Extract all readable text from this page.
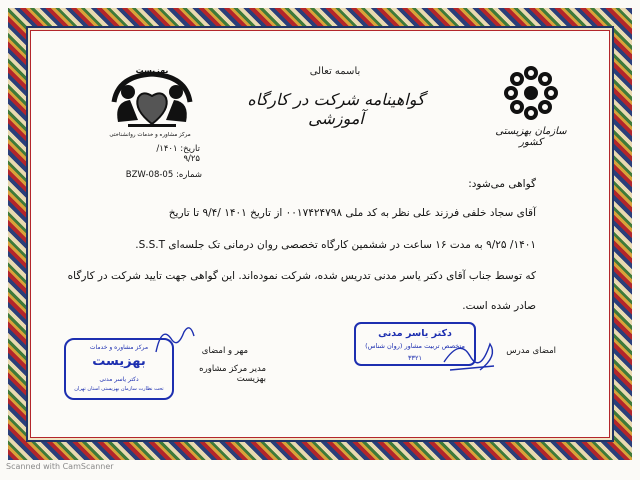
باسمه تعالی
گواهینامه شرکت در کارگاه آموزشی
سازمان بهزیستی کشور
بهزیست
مرکز مشاوره و خدمات روانشناختی
تاریخ: ۱۴۰۱/ ۹/۲۵
شماره: BZW-08-05
گواهی می‌شود:
آقای سجاد خلفی فرزند علی نظر به کد ملی ۰۰۱۷۴۲۴۷۹۸ از تاریخ ۱۴۰۱ /۹/۴ تا تاریخ
۱۴۰۱/ ۹/۲۵ به مدت ۱۶ ساعت در ششمین کارگاه تخصصی روان درمانی تک جلسه‌ای S.S.T.
که توسط جناب آقای دکتر یاسر مدنی تدریس شده، شرکت نموده‌اند. این گواهی جهت تایید شرکت در کارگاه
صادر شده است.
امضای مدرس
دکتر یاسر مدنی
متخصص تربیت مشاور (روان شناس)
۳۳۲۱
مهر و امضای
مدیر مرکز مشاوره بهزیست
مرکز مشاوره و خدمات
بهزیست
دکتر یاسر مدنی
تحت نظارت سازمان بهزیستی استان تهران
Scanned with CamScanner
